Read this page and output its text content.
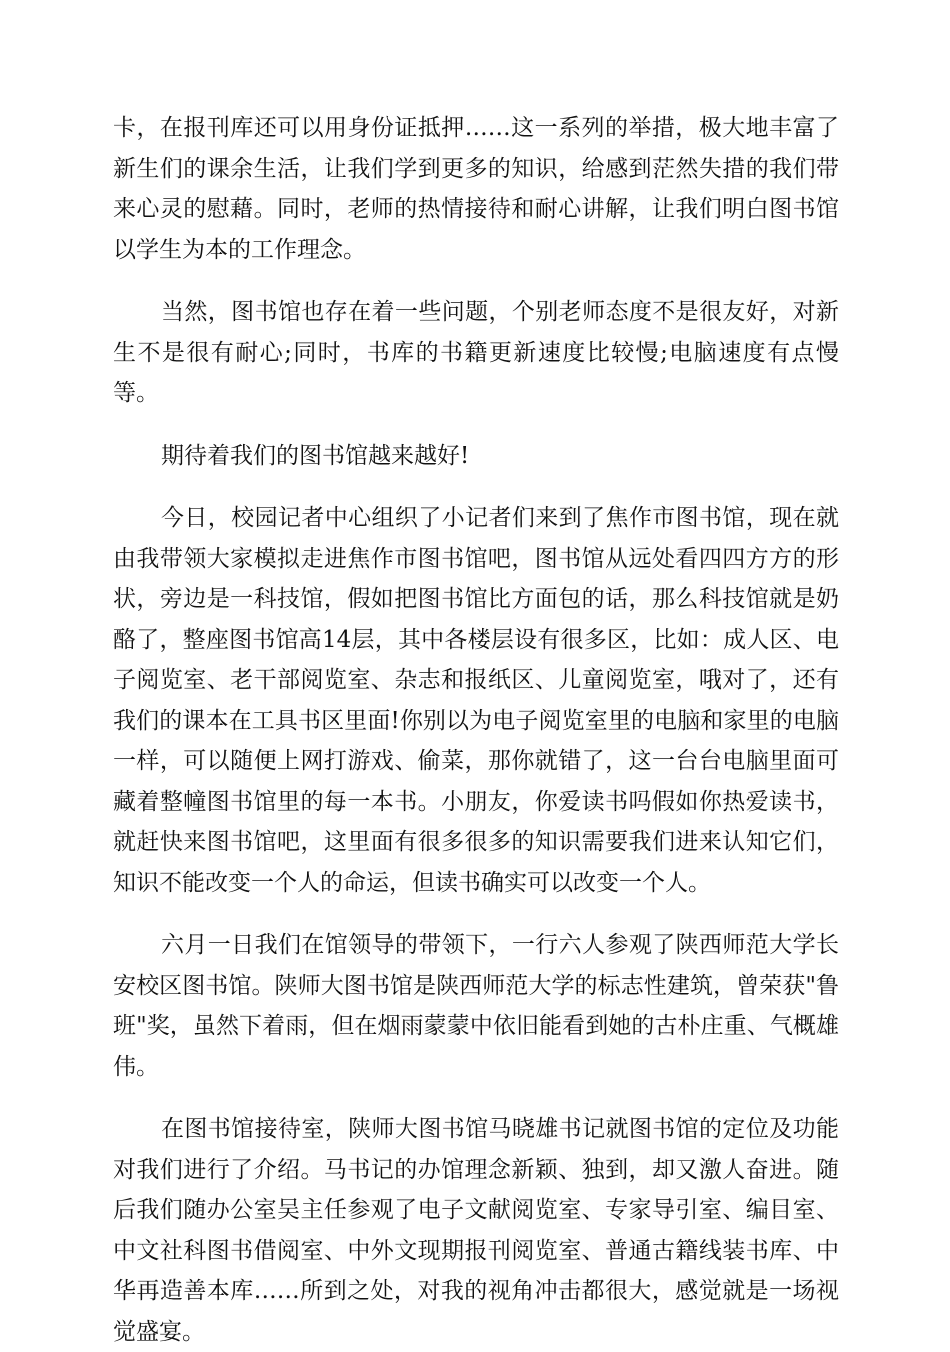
卡，在报刊库还可以用身份证抵押……这一系列的举措，极大地丰富了新生们的课余生活，让我们学到更多的知识，给感到茫然失措的我们带来心灵的慰藉。同时，老师的热情接待和耐心讲解，让我们明白图书馆以学生为本的工作理念。

当然，图书馆也存在着一些问题，个别老师态度不是很友好，对新生不是很有耐心;同时，书库的书籍更新速度比较慢;电脑速度有点慢等。

期待着我们的图书馆越来越好!

今日，校园记者中心组织了小记者们来到了焦作市图书馆，现在就由我带领大家模拟走进焦作市图书馆吧，图书馆从远处看四四方方的形状，旁边是一科技馆，假如把图书馆比方面包的话，那么科技馆就是奶酪了，整座图书馆高14层，其中各楼层设有很多区，比如：成人区、电子阅览室、老干部阅览室、杂志和报纸区、儿童阅览室，哦对了，还有我们的课本在工具书区里面!你别以为电子阅览室里的电脑和家里的电脑一样，可以随便上网打游戏、偷菜，那你就错了，这一台台电脑里面可藏着整幢图书馆里的每一本书。小朋友，你爱读书吗假如你热爱读书，就赶快来图书馆吧，这里面有很多很多的知识需要我们进来认知它们，知识不能改变一个人的命运，但读书确实可以改变一个人。

六月一日我们在馆领导的带领下，一行六人参观了陕西师范大学长安校区图书馆。陕师大图书馆是陕西师范大学的标志性建筑，曾荣获"鲁班"奖，虽然下着雨，但在烟雨蒙蒙中依旧能看到她的古朴庄重、气概雄伟。

在图书馆接待室，陕师大图书馆马晓雄书记就图书馆的定位及功能对我们进行了介绍。马书记的办馆理念新颖、独到，却又激人奋进。随后我们随办公室吴主任参观了电子文献阅览室、专家导引室、编目室、中文社科图书借阅室、中外文现期报刊阅览室、普通古籍线装书库、中华再造善本库……所到之处，对我的视角冲击都很大，感觉就是一场视觉盛宴。
